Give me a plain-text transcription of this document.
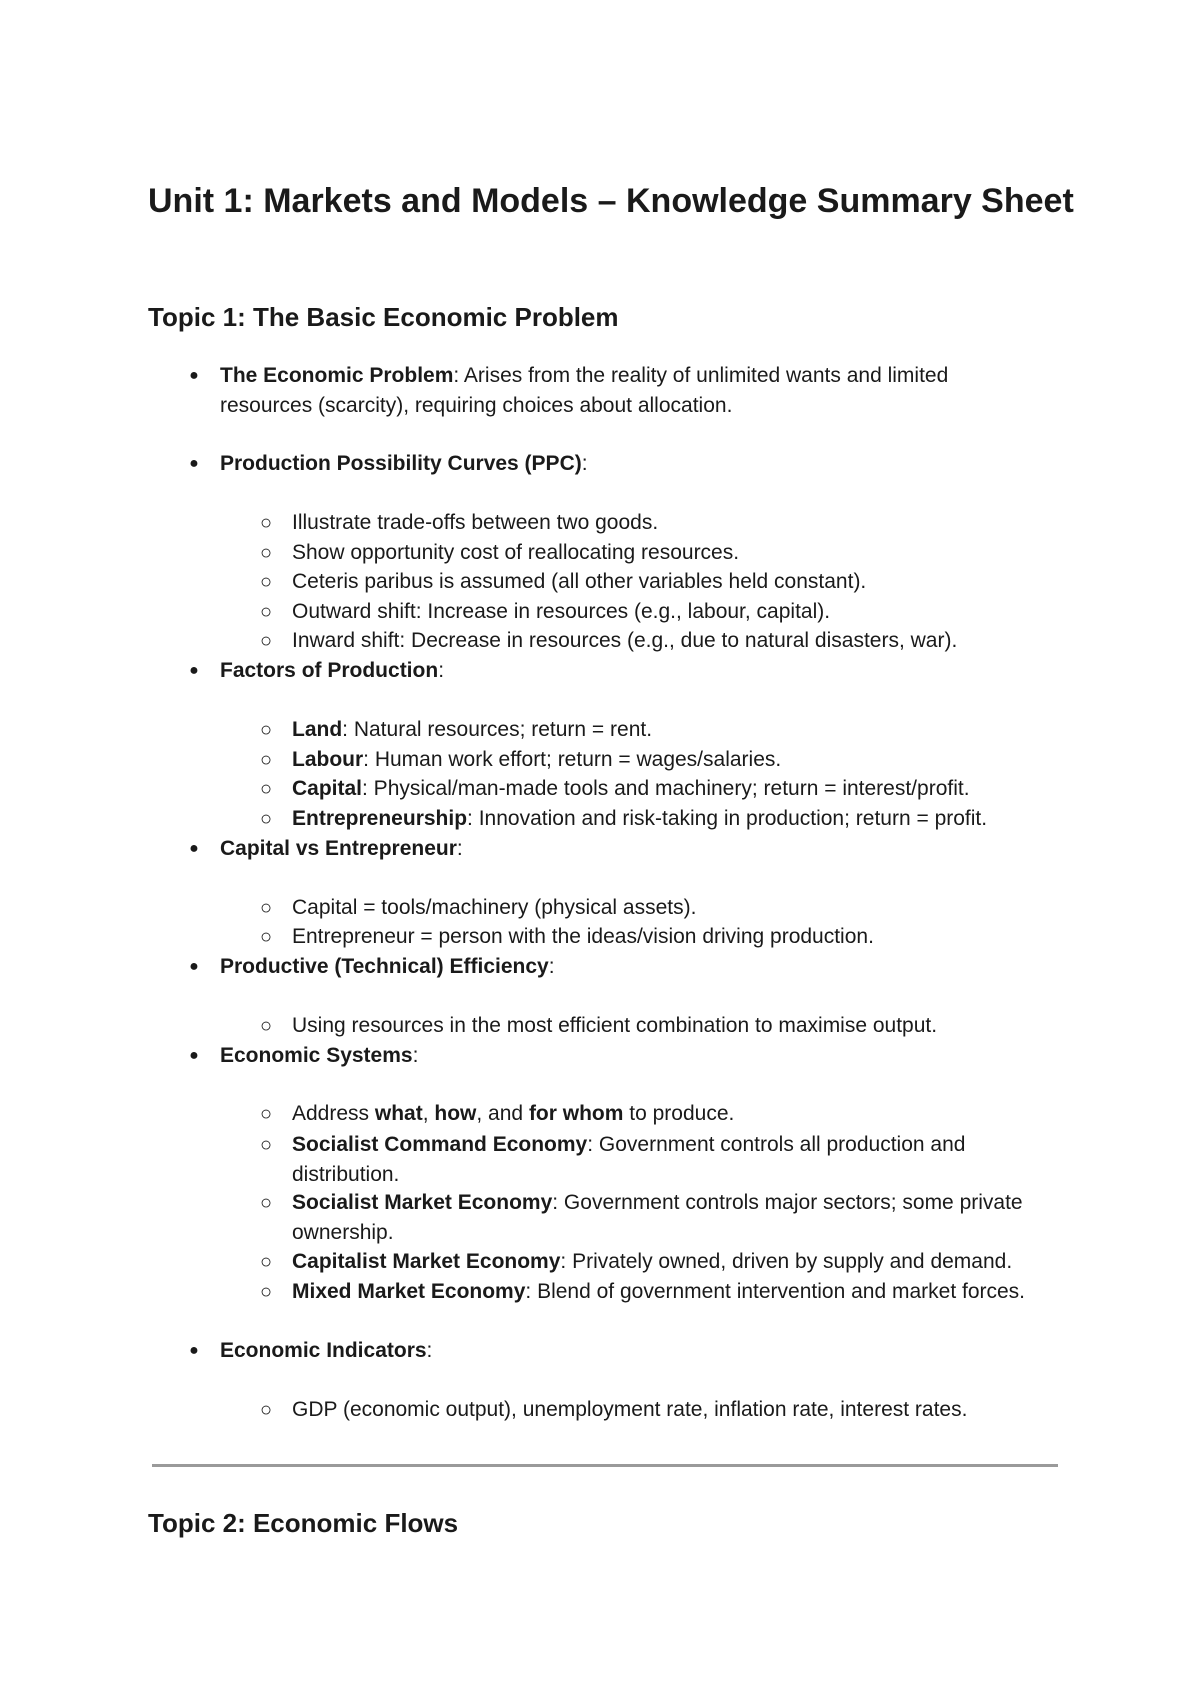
Unit 1: Markets and Models – Knowledge Summary Sheet
Topic 1: The Basic Economic Problem
● The Economic Problem: Arises from the reality of unlimited wants and limited resources (scarcity), requiring choices about allocation.
● Production Possibility Curves (PPC):
○ Illustrate trade-offs between two goods.
○ Show opportunity cost of reallocating resources.
○ Ceteris paribus is assumed (all other variables held constant).
○ Outward shift: Increase in resources (e.g., labour, capital).
○ Inward shift: Decrease in resources (e.g., due to natural disasters, war).
● Factors of Production:
○ Land: Natural resources; return = rent.
○ Labour: Human work effort; return = wages/salaries.
○ Capital: Physical/man-made tools and machinery; return = interest/profit.
○ Entrepreneurship: Innovation and risk-taking in production; return = profit.
● Capital vs Entrepreneur:
○ Capital = tools/machinery (physical assets).
○ Entrepreneur = person with the ideas/vision driving production.
● Productive (Technical) Efficiency:
○ Using resources in the most efficient combination to maximise output.
● Economic Systems:
○ Address what, how, and for whom to produce.
○ Socialist Command Economy: Government controls all production and distribution.
○ Socialist Market Economy: Government controls major sectors; some private ownership.
○ Capitalist Market Economy: Privately owned, driven by supply and demand.
○ Mixed Market Economy: Blend of government intervention and market forces.
● Economic Indicators:
○ GDP (economic output), unemployment rate, inflation rate, interest rates.
Topic 2: Economic Flows
